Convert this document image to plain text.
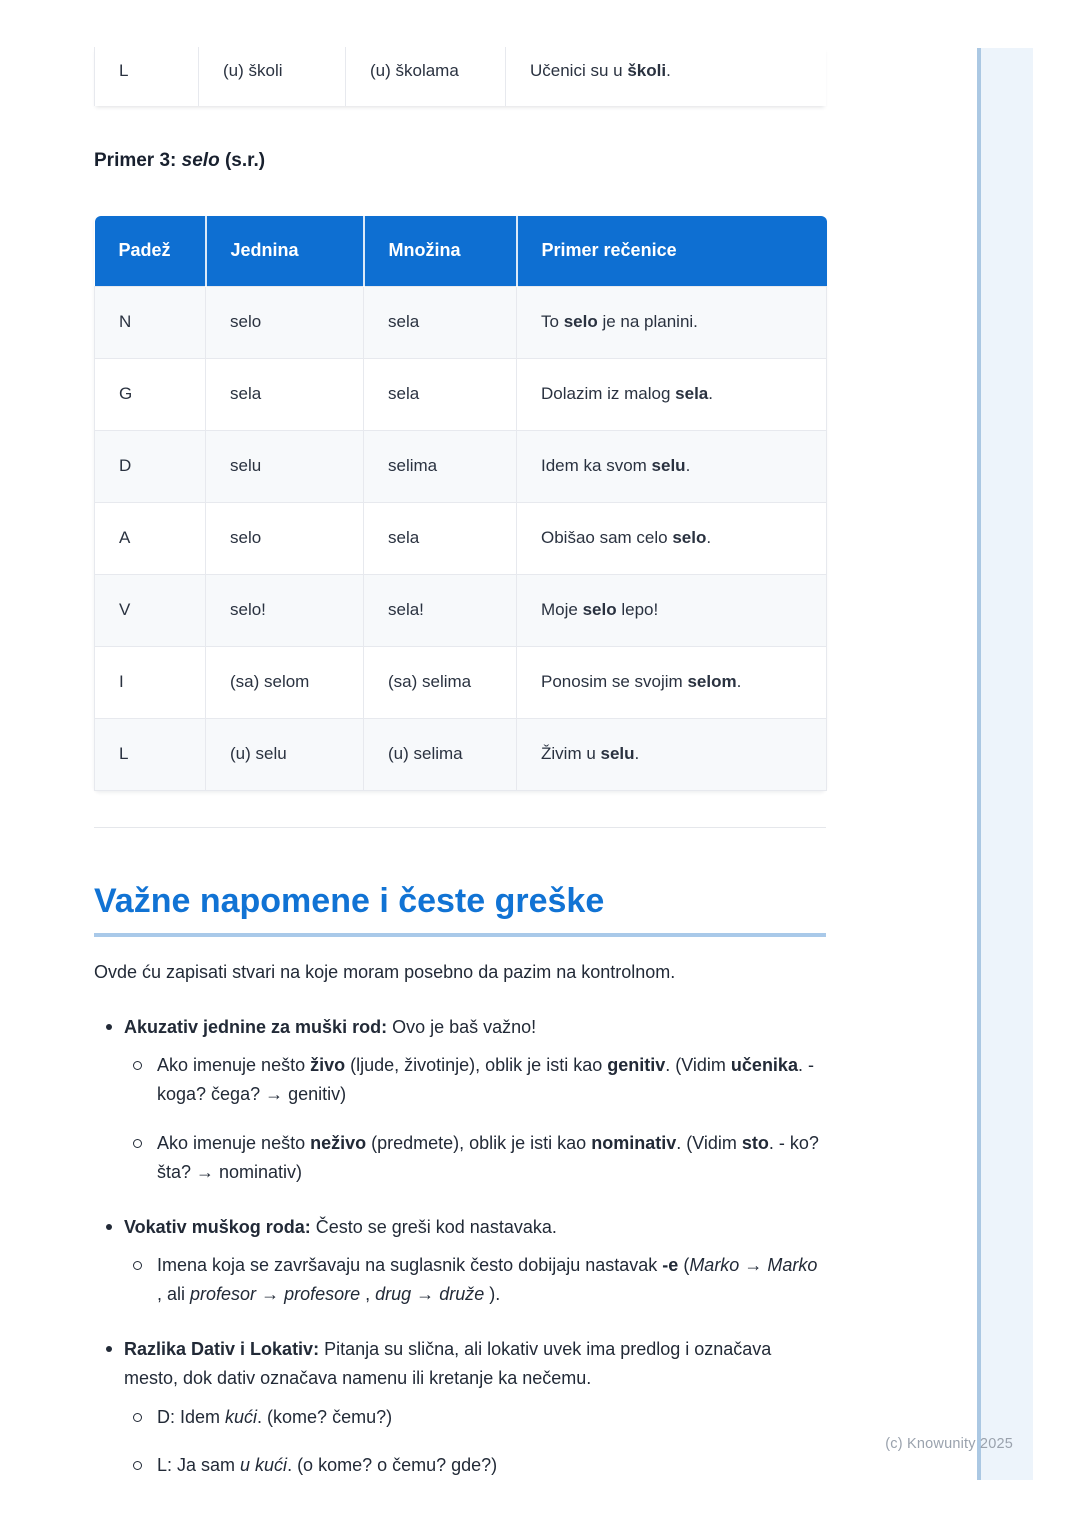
L	(u) školi	(u) školama	Učenici su u školi.
Primer 3: selo (s.r.)
Padež	Jednina	Množina	Primer rečenice
N	selo	sela	To selo je na planini.
G	sela	sela	Dolazim iz malog sela.
D	selu	selima	Idem ka svom selu.
A	selo	sela	Obišao sam celo selo.
V	selo!	sela!	Moje selo lepo!
I	(sa) selom	(sa) selima	Ponosim se svojim selom.
L	(u) selu	(u) selima	Živim u selu.
Važne napomene i česte greške

Ovde ću zapisati stvari na koje moram posebno da pazim na kontrolnom.

Akuzativ jednine za muški rod: Ovo je baš važno!
Ako imenuje nešto živo (ljude, životinje), oblik je isti kao genitiv. (Vidim učenika. - koga? čega? → genitiv)
Ako imenuje nešto neživo (predmete), oblik je isti kao nominativ. (Vidim sto. - ko? šta? → nominativ)
Vokativ muškog roda: Često se greši kod nastavaka.
Imena koja se završavaju na suglasnik često dobijaju nastavak -e (Marko → Marko , ali profesor → profesore , drug → druže ).
Razlika Dativ i Lokativ: Pitanja su slična, ali lokativ uvek ima predlog i označava mesto, dok dativ označava namenu ili kretanje ka nečemu.
D: Idem kući. (kome? čemu?)
L: Ja sam u kući. (o kome? o čemu? gde?)
(c) Knowunity 2025
